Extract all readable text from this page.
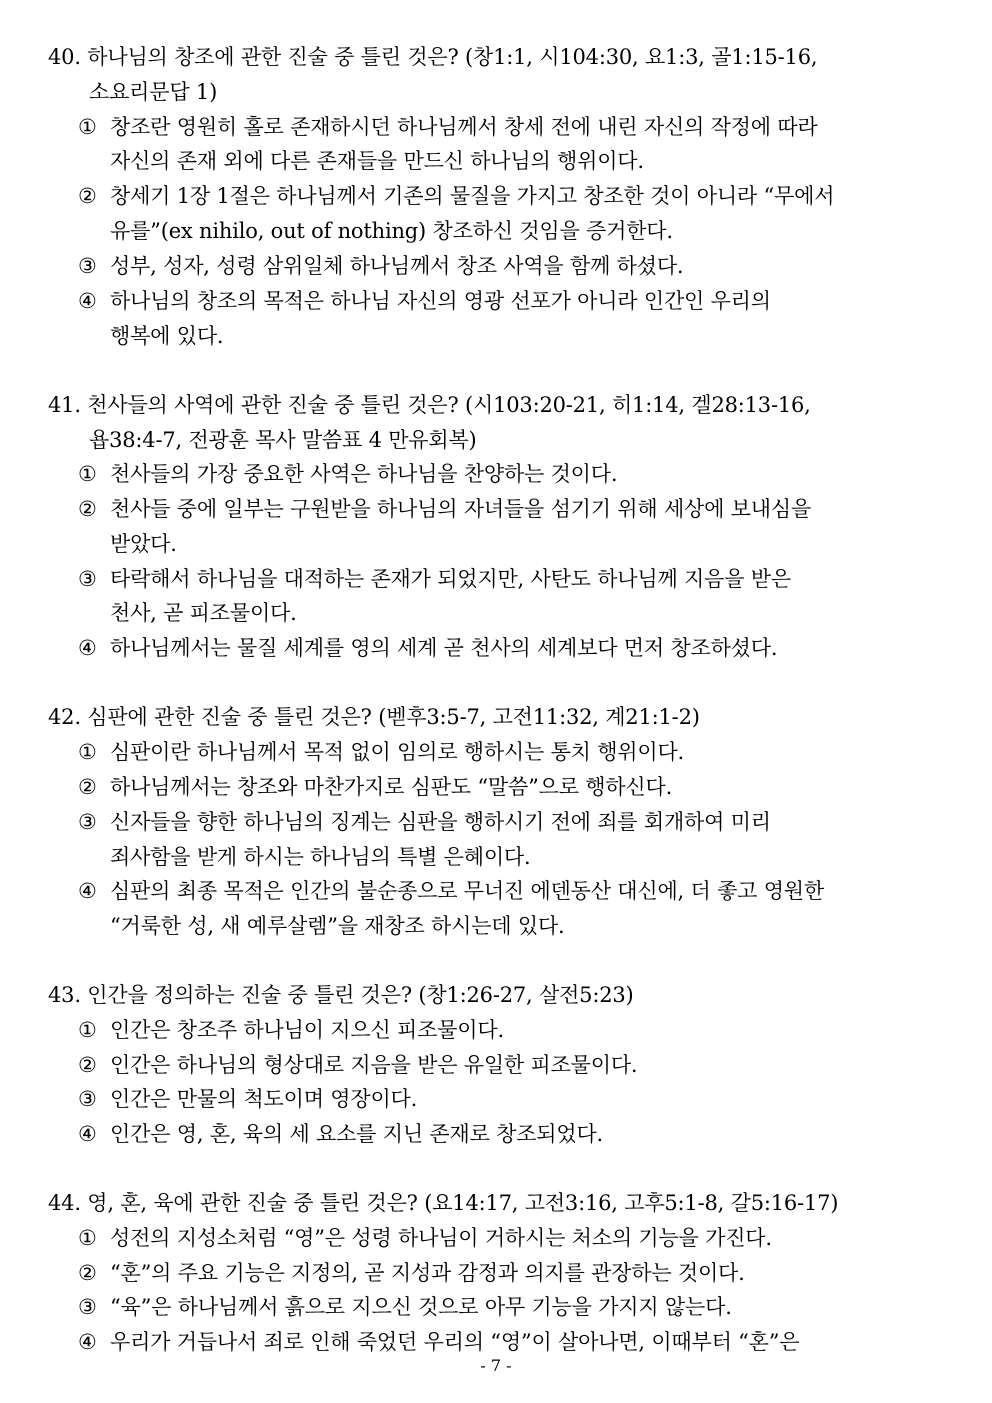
40. 하나님의 창조에 관한 진술 중 틀린 것은? (창1:1, 시104:30, 요1:3, 골1:15-16,
소요리문답 1)
① 창조란 영원히 홀로 존재하시던 하나님께서 창세 전에 내린 자신의 작정에 따라
자신의 존재 외에 다른 존재들을 만드신 하나님의 행위이다.
② 창세기 1장 1절은 하나님께서 기존의 물질을 가지고 창조한 것이 아니라 “무에서
유를”(ex nihilo, out of nothing) 창조하신 것임을 증거한다.
③ 성부, 성자, 성령 삼위일체 하나님께서 창조 사역을 함께 하셨다.
④ 하나님의 창조의 목적은 하나님 자신의 영광 선포가 아니라 인간인 우리의
행복에 있다.
41. 천사들의 사역에 관한 진술 중 틀린 것은? (시103:20-21, 히1:14, 겔28:13-16,
욥38:4-7, 전광훈 목사 말씀표 4 만유회복)
① 천사들의 가장 중요한 사역은 하나님을 찬양하는 것이다.
② 천사들 중에 일부는 구원받을 하나님의 자녀들을 섬기기 위해 세상에 보내심을
받았다.
③ 타락해서 하나님을 대적하는 존재가 되었지만, 사탄도 하나님께 지음을 받은
천사, 곧 피조물이다.
④ 하나님께서는 물질 세계를 영의 세계 곧 천사의 세계보다 먼저 창조하셨다.
42. 심판에 관한 진술 중 틀린 것은? (벧후3:5-7, 고전11:32, 계21:1-2)
① 심판이란 하나님께서 목적 없이 임의로 행하시는 통치 행위이다.
② 하나님께서는 창조와 마찬가지로 심판도 “말씀”으로 행하신다.
③ 신자들을 향한 하나님의 징계는 심판을 행하시기 전에 죄를 회개하여 미리
죄사함을 받게 하시는 하나님의 특별 은혜이다.
④ 심판의 최종 목적은 인간의 불순종으로 무너진 에덴동산 대신에, 더 좋고 영원한
“거룩한 성, 새 예루살렘”을 재창조 하시는데 있다.
43. 인간을 정의하는 진술 중 틀린 것은? (창1:26-27, 살전5:23)
① 인간은 창조주 하나님이 지으신 피조물이다.
② 인간은 하나님의 형상대로 지음을 받은 유일한 피조물이다.
③ 인간은 만물의 척도이며 영장이다.
④ 인간은 영, 혼, 육의 세 요소를 지닌 존재로 창조되었다.
44. 영, 혼, 육에 관한 진술 중 틀린 것은? (요14:17, 고전3:16, 고후5:1-8, 갈5:16-17)
① 성전의 지성소처럼 “영”은 성령 하나님이 거하시는 처소의 기능을 가진다.
② “혼”의 주요 기능은 지정의, 곧 지성과 감정과 의지를 관장하는 것이다.
③ “육”은 하나님께서 흙으로 지으신 것으로 아무 기능을 가지지 않는다.
④ 우리가 거듭나서 죄로 인해 죽었던 우리의 “영”이 살아나면, 이때부터 “혼”은
- 7 -
